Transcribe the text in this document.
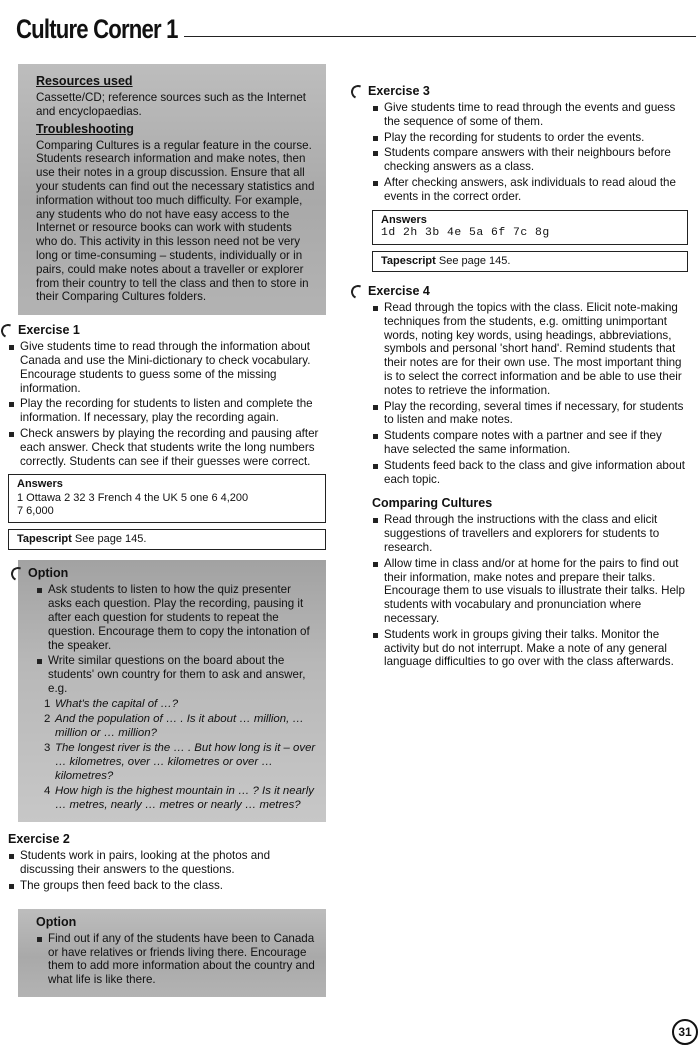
Culture Corner 1
Resources used

Cassette/CD; reference sources such as the Internet and encyclopaedias.

Troubleshooting

Comparing Cultures is a regular feature in the course. Students research information and make notes, then use their notes in a group discussion. Ensure that all your students can find out the necessary statistics and information without too much difficulty. For example, any students who do not have easy access to the Internet or resource books can work with students who do. This activity in this lesson need not be very long or time-consuming – students, individually or in pairs, could make notes about a traveller or explorer from their country to tell the class and then to store in their Comparing Cultures folders.

Exercise 1
Give students time to read through the information about Canada and use the Mini-dictionary to check vocabulary. Encourage students to guess some of the missing information.
Play the recording for students to listen and complete the information. If necessary, play the recording again.
Check answers by playing the recording and pausing after each answer. Check that students write the long numbers correctly. Students can see if their guesses were correct.
Answers
1 Ottawa 2 32 3 French 4 the UK 5 one 6 4,200
7 6,000
Tapescript See page 145.
Option
Ask students to listen to how the quiz presenter asks each question. Play the recording, pausing it after each question for students to repeat the question. Encourage them to copy the intonation of the speaker.
Write similar questions on the board about the students' own country for them to ask and answer, e.g.
1 What's the capital of …?
2 And the population of … . Is it about … million, … million or … million?
3 The longest river is the … . But how long is it – over … kilometres, over … kilometres or over … kilometres?
4 How high is the highest mountain in … ? Is it nearly … metres, nearly … metres or nearly … metres?
Exercise 2
Students work in pairs, looking at the photos and discussing their answers to the questions.
The groups then feed back to the class.
Option
Find out if any of the students have been to Canada or have relatives or friends living there. Encourage them to add more information about the country and what life is like there.
Exercise 3
Give students time to read through the events and guess the sequence of some of them.
Play the recording for students to order the events.
Students compare answers with their neighbours before checking answers as a class.
After checking answers, ask individuals to read aloud the events in the correct order.
Answers
1d 2h 3b 4e 5a 6f 7c 8g
Tapescript See page 145.
Exercise 4
Read through the topics with the class. Elicit note-making techniques from the students, e.g. omitting unimportant words, noting key words, using headings, abbreviations, symbols and personal 'short hand'. Remind students that their notes are for their own use. The most important thing is to select the correct information and be able to use their notes to retrieve the information.
Play the recording, several times if necessary, for students to listen and make notes.
Students compare notes with a partner and see if they have selected the same information.
Students feed back to the class and give information about each topic.
Comparing Cultures
Read through the instructions with the class and elicit suggestions of travellers and explorers for students to research.
Allow time in class and/or at home for the pairs to find out their information, make notes and prepare their talks. Encourage them to use visuals to illustrate their talks. Help students with vocabulary and pronunciation where necessary.
Students work in groups giving their talks. Monitor the activity but do not interrupt. Make a note of any general language difficulties to go over with the class afterwards.
31
